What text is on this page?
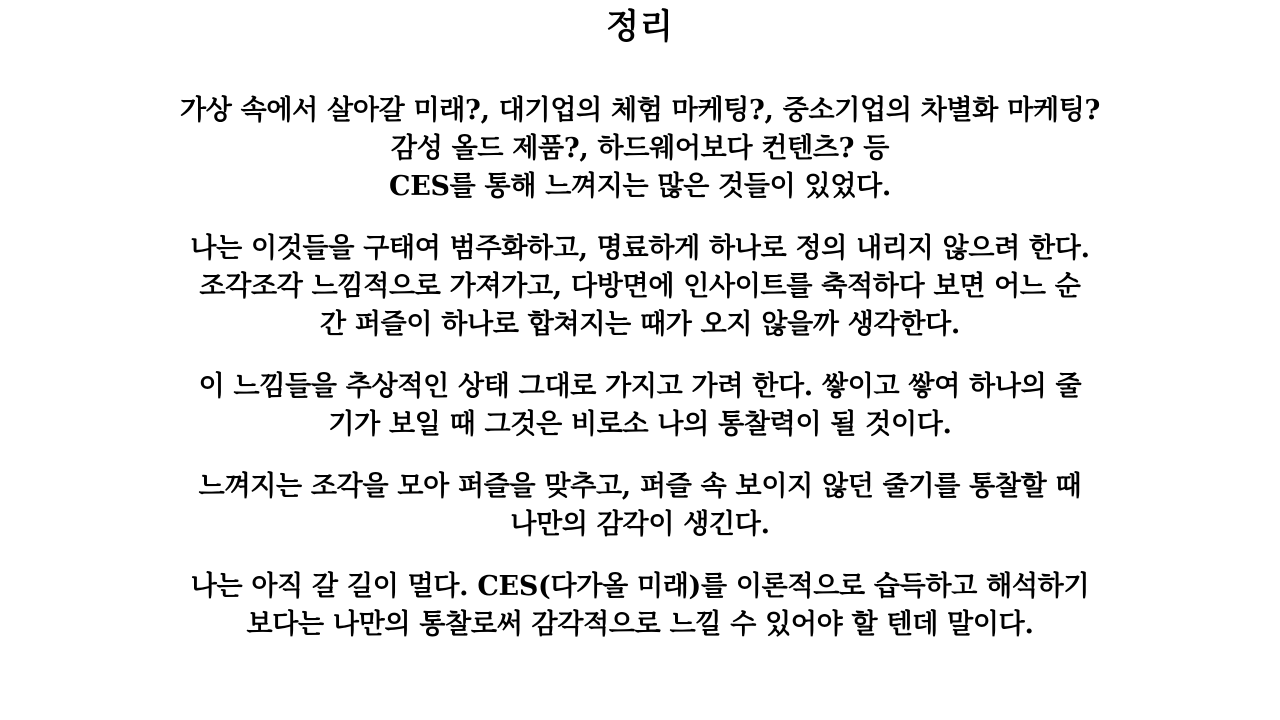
정리
가상 속에서 살아갈 미래?, 대기업의 체험 마케팅?, 중소기업의 차별화 마케팅?
감성 올드 제품?, 하드웨어보다 컨텐츠? 등
CES를 통해 느껴지는 많은 것들이 있었다.
나는 이것들을 구태여 범주화하고, 명료하게 하나로 정의 내리지 않으려 한다.
조각조각 느낌적으로 가져가고, 다방면에 인사이트를 축적하다 보면 어느 순
간 퍼즐이 하나로 합쳐지는 때가 오지 않을까 생각한다.
이 느낌들을 추상적인 상태 그대로 가지고 가려 한다. 쌓이고 쌓여 하나의 줄
기가 보일 때 그것은 비로소 나의 통찰력이 될 것이다.
느껴지는 조각을 모아 퍼즐을 맞추고, 퍼즐 속 보이지 않던 줄기를 통찰할 때
나만의 감각이 생긴다.
나는 아직 갈 길이 멀다. CES(다가올 미래)를 이론적으로 습득하고 해석하기
보다는 나만의 통찰로써 감각적으로 느낄 수 있어야 할 텐데 말이다.
